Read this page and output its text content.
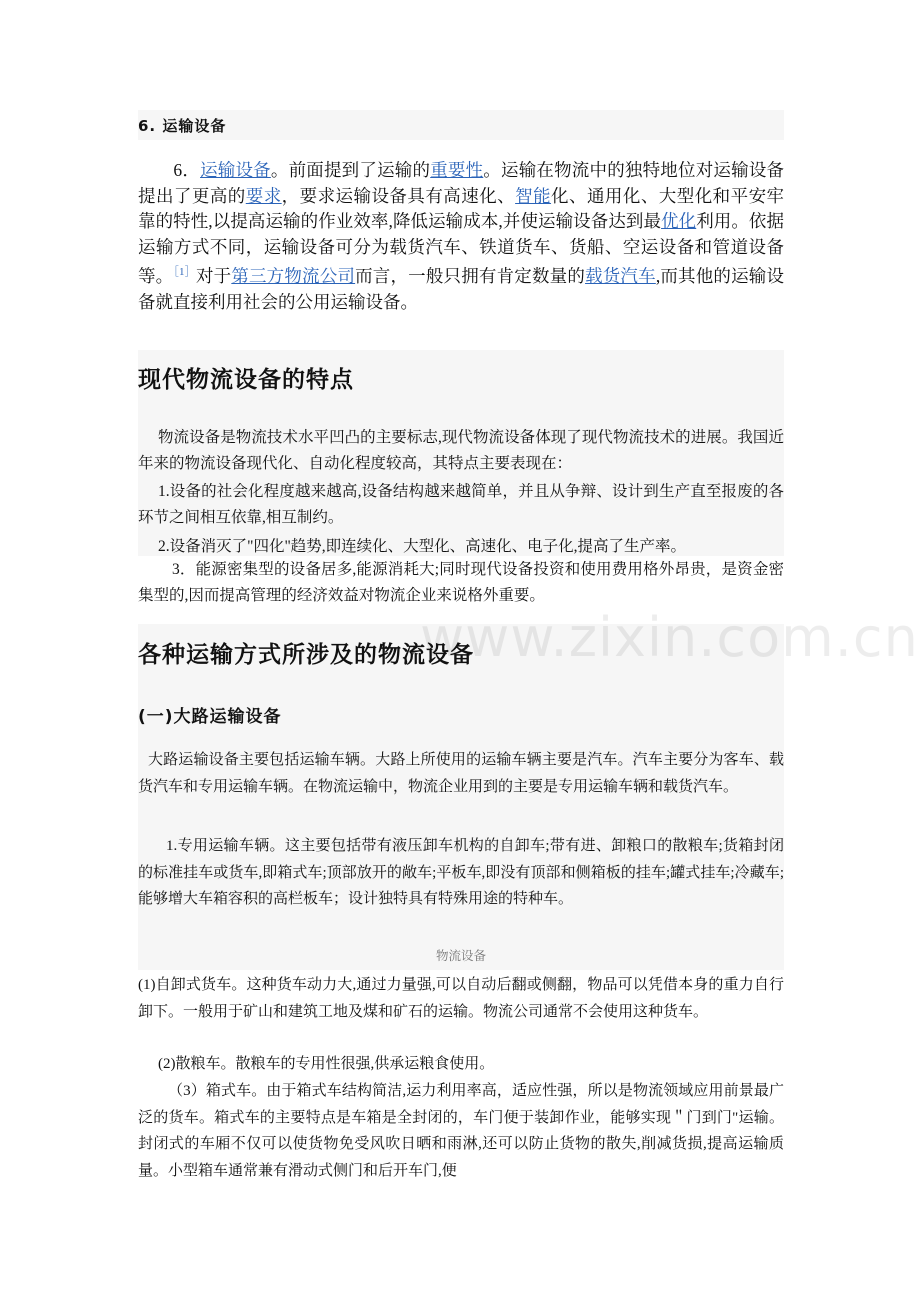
6. 运输设备

　　6．运输设备。前面提到了运输的重要性。运输在物流中的独特地位对运输设备提出了更高的要求，要求运输设备具有高速化、智能化、通用化、大型化和平安牢靠的特性,以提高运输的作业效率,降低运输成本,并使运输设备达到最优化利用。依据运输方式不同，运输设备可分为载货汽车、铁道货车、货船、空运设备和管道设备等。$^{[1]}$对于第三方物流公司而言，一般只拥有肯定数量的载货汽车,而其他的运输设备就直接利用社会的公用运输设备。

现代物流设备的特点

物流设备是物流技术水平凹凸的主要标志,现代物流设备体现了现代物流技术的进展。我国近年来的物流设备现代化、自动化程度较高，其特点主要表现在：

1.设备的社会化程度越来越高,设备结构越来越简单，并且从争辩、设计到生产直至报废的各环节之间相互依靠,相互制约。

2.设备消灭了"四化"趋势,即连续化、大型化、高速化、电子化,提高了生产率。

3．能源密集型的设备居多,能源消耗大;同时现代设备投资和使用费用格外昂贵，是资金密集型的,因而提高管理的经济效益对物流企业来说格外重要。

各种运输方式所涉及的物流设备
(一)大路运输设备

大路运输设备主要包括运输车辆。大路上所使用的运输车辆主要是汽车。汽车主要分为客车、载货汽车和专用运输车辆。在物流运输中，物流企业用到的主要是专用运输车辆和载货汽车。

1.专用运输车辆。这主要包括带有液压卸车机构的自卸车;带有进、卸粮口的散粮车;货箱封闭的标准挂车或货车,即箱式车;顶部放开的敞车;平板车,即没有顶部和侧箱板的挂车;罐式挂车;冷藏车;能够增大车箱容积的高栏板车；设计独特具有特殊用途的特种车。

物流设备

(1)自卸式货车。这种货车动力大,通过力量强,可以自动后翻或侧翻，物品可以凭借本身的重力自行卸下。一般用于矿山和建筑工地及煤和矿石的运输。物流公司通常不会使用这种货车。

(2)散粮车。散粮车的专用性很强,供承运粮食使用。

（3）箱式车。由于箱式车结构简洁,运力利用率高，适应性强，所以是物流领域应用前景最广泛的货车。箱式车的主要特点是车箱是全封闭的，车门便于装卸作业，能够实现＂门到门"运输。封闭式的车厢不仅可以使货物免受风吹日晒和雨淋,还可以防止货物的散失,削减货损,提高运输质量。小型箱车通常兼有滑动式侧门和后开车门,便
